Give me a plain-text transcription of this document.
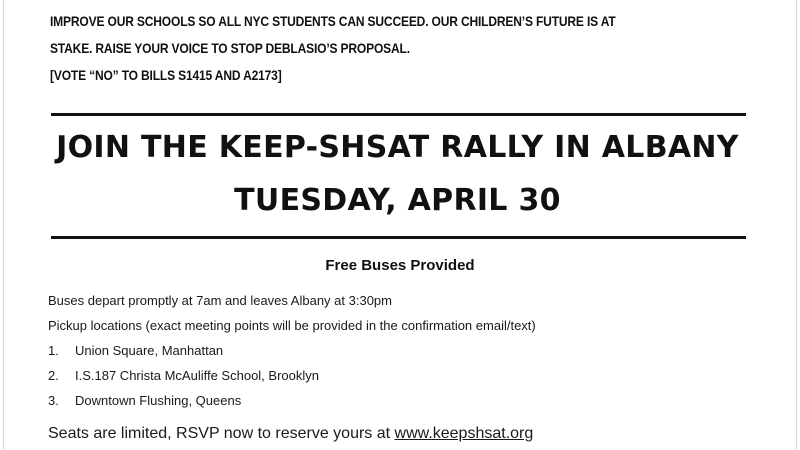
IMPROVE OUR SCHOOLS SO ALL NYC STUDENTS CAN SUCCEED. OUR CHILDREN’S FUTURE IS AT
STAKE. RAISE YOUR VOICE TO STOP DEBLASIO’S PROPOSAL.
[VOTE “NO” TO BILLS S1415 AND A2173]
JOIN THE KEEP-SHSAT RALLY IN ALBANY
TUESDAY, APRIL 30
Free Buses Provided
Buses depart promptly at 7am and leaves Albany at 3:30pm
Pickup locations (exact meeting points will be provided in the confirmation email/text)
1. Union Square, Manhattan
2. I.S.187 Christa McAuliffe School, Brooklyn
3. Downtown Flushing, Queens
Seats are limited, RSVP now to reserve yours at www.keepshsat.org
